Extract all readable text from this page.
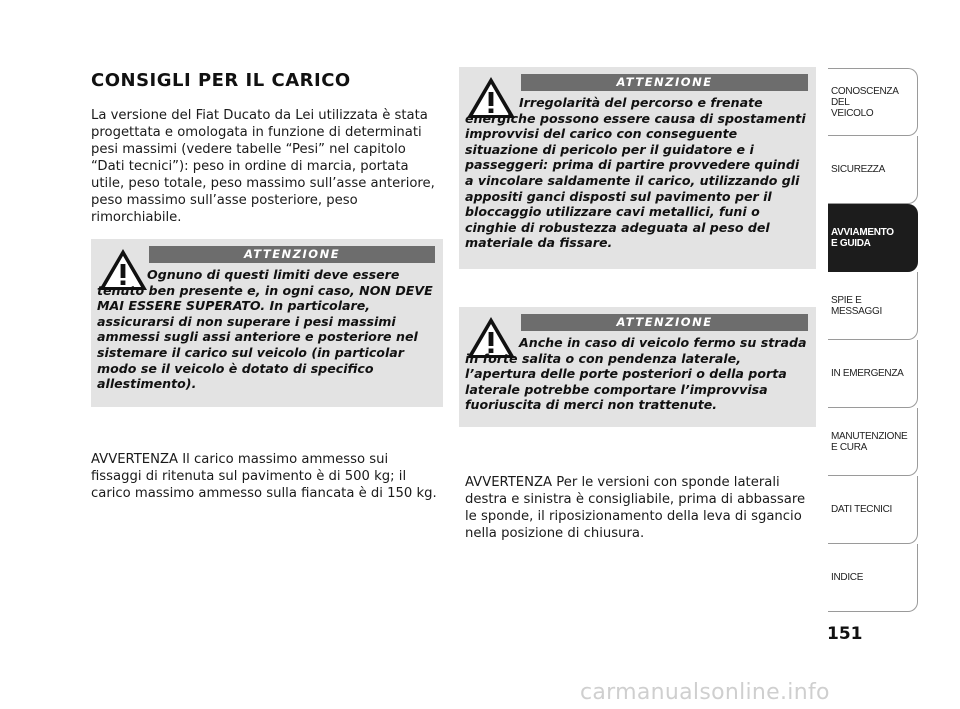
CONSIGLI PER IL CARICO
La versione del Fiat Ducato da Lei utilizzata è stata progettata e omologata in funzione di determinati pesi massimi (vedere tabelle “Pesi” nel capitolo “Dati tecnici”): peso in ordine di marcia, portata utile, peso totale, peso massimo sull’asse anteriore, peso massimo sull’asse posteriore, peso rimorchiabile.
ATTENZIONE
Ognuno di questi limiti deve essere tenuto ben presente e, in ogni caso, NON DEVE MAI ESSERE SUPERATO. In particolare, assicurarsi di non superare i pesi massimi ammessi sugli assi anteriore e posteriore nel sistemare il carico sul veicolo (in particolar modo se il veicolo è dotato di specifico allestimento).
ATTENZIONE
Irregolarità del percorso e frenate energiche possono essere causa di spostamenti improvvisi del carico con conseguente situazione di pericolo per il guidatore e i passeggeri: prima di partire provvedere quindi a vincolare saldamente il carico, utilizzando gli appositi ganci disposti sul pavimento per il bloccaggio utilizzare cavi metallici, funi o cinghie di robustezza adeguata al peso del materiale da fissare.
ATTENZIONE
Anche in caso di veicolo fermo su strada in forte salita o con pendenza laterale, l’apertura delle porte posteriori o della porta laterale potrebbe comportare l’improvvisa fuoriuscita di merci non trattenute.
AVVERTENZA Il carico massimo ammesso sui fissaggi di ritenuta sul pavimento è di 500 kg; il carico massimo ammesso sulla fiancata è di 150 kg.
AVVERTENZA Per le versioni con sponde laterali destra e sinistra è consigliabile, prima di abbassare le sponde, il riposizionamento della leva di sgancio nella posizione di chiusura.
CONOSCENZA
DEL
VEICOLO
SICUREZZA
AVVIAMENTO
E GUIDA
SPIE E
MESSAGGI
IN EMERGENZA
MANUTENZIONE
E CURA
DATI TECNICI
INDICE
151
carmanualsonline.info
